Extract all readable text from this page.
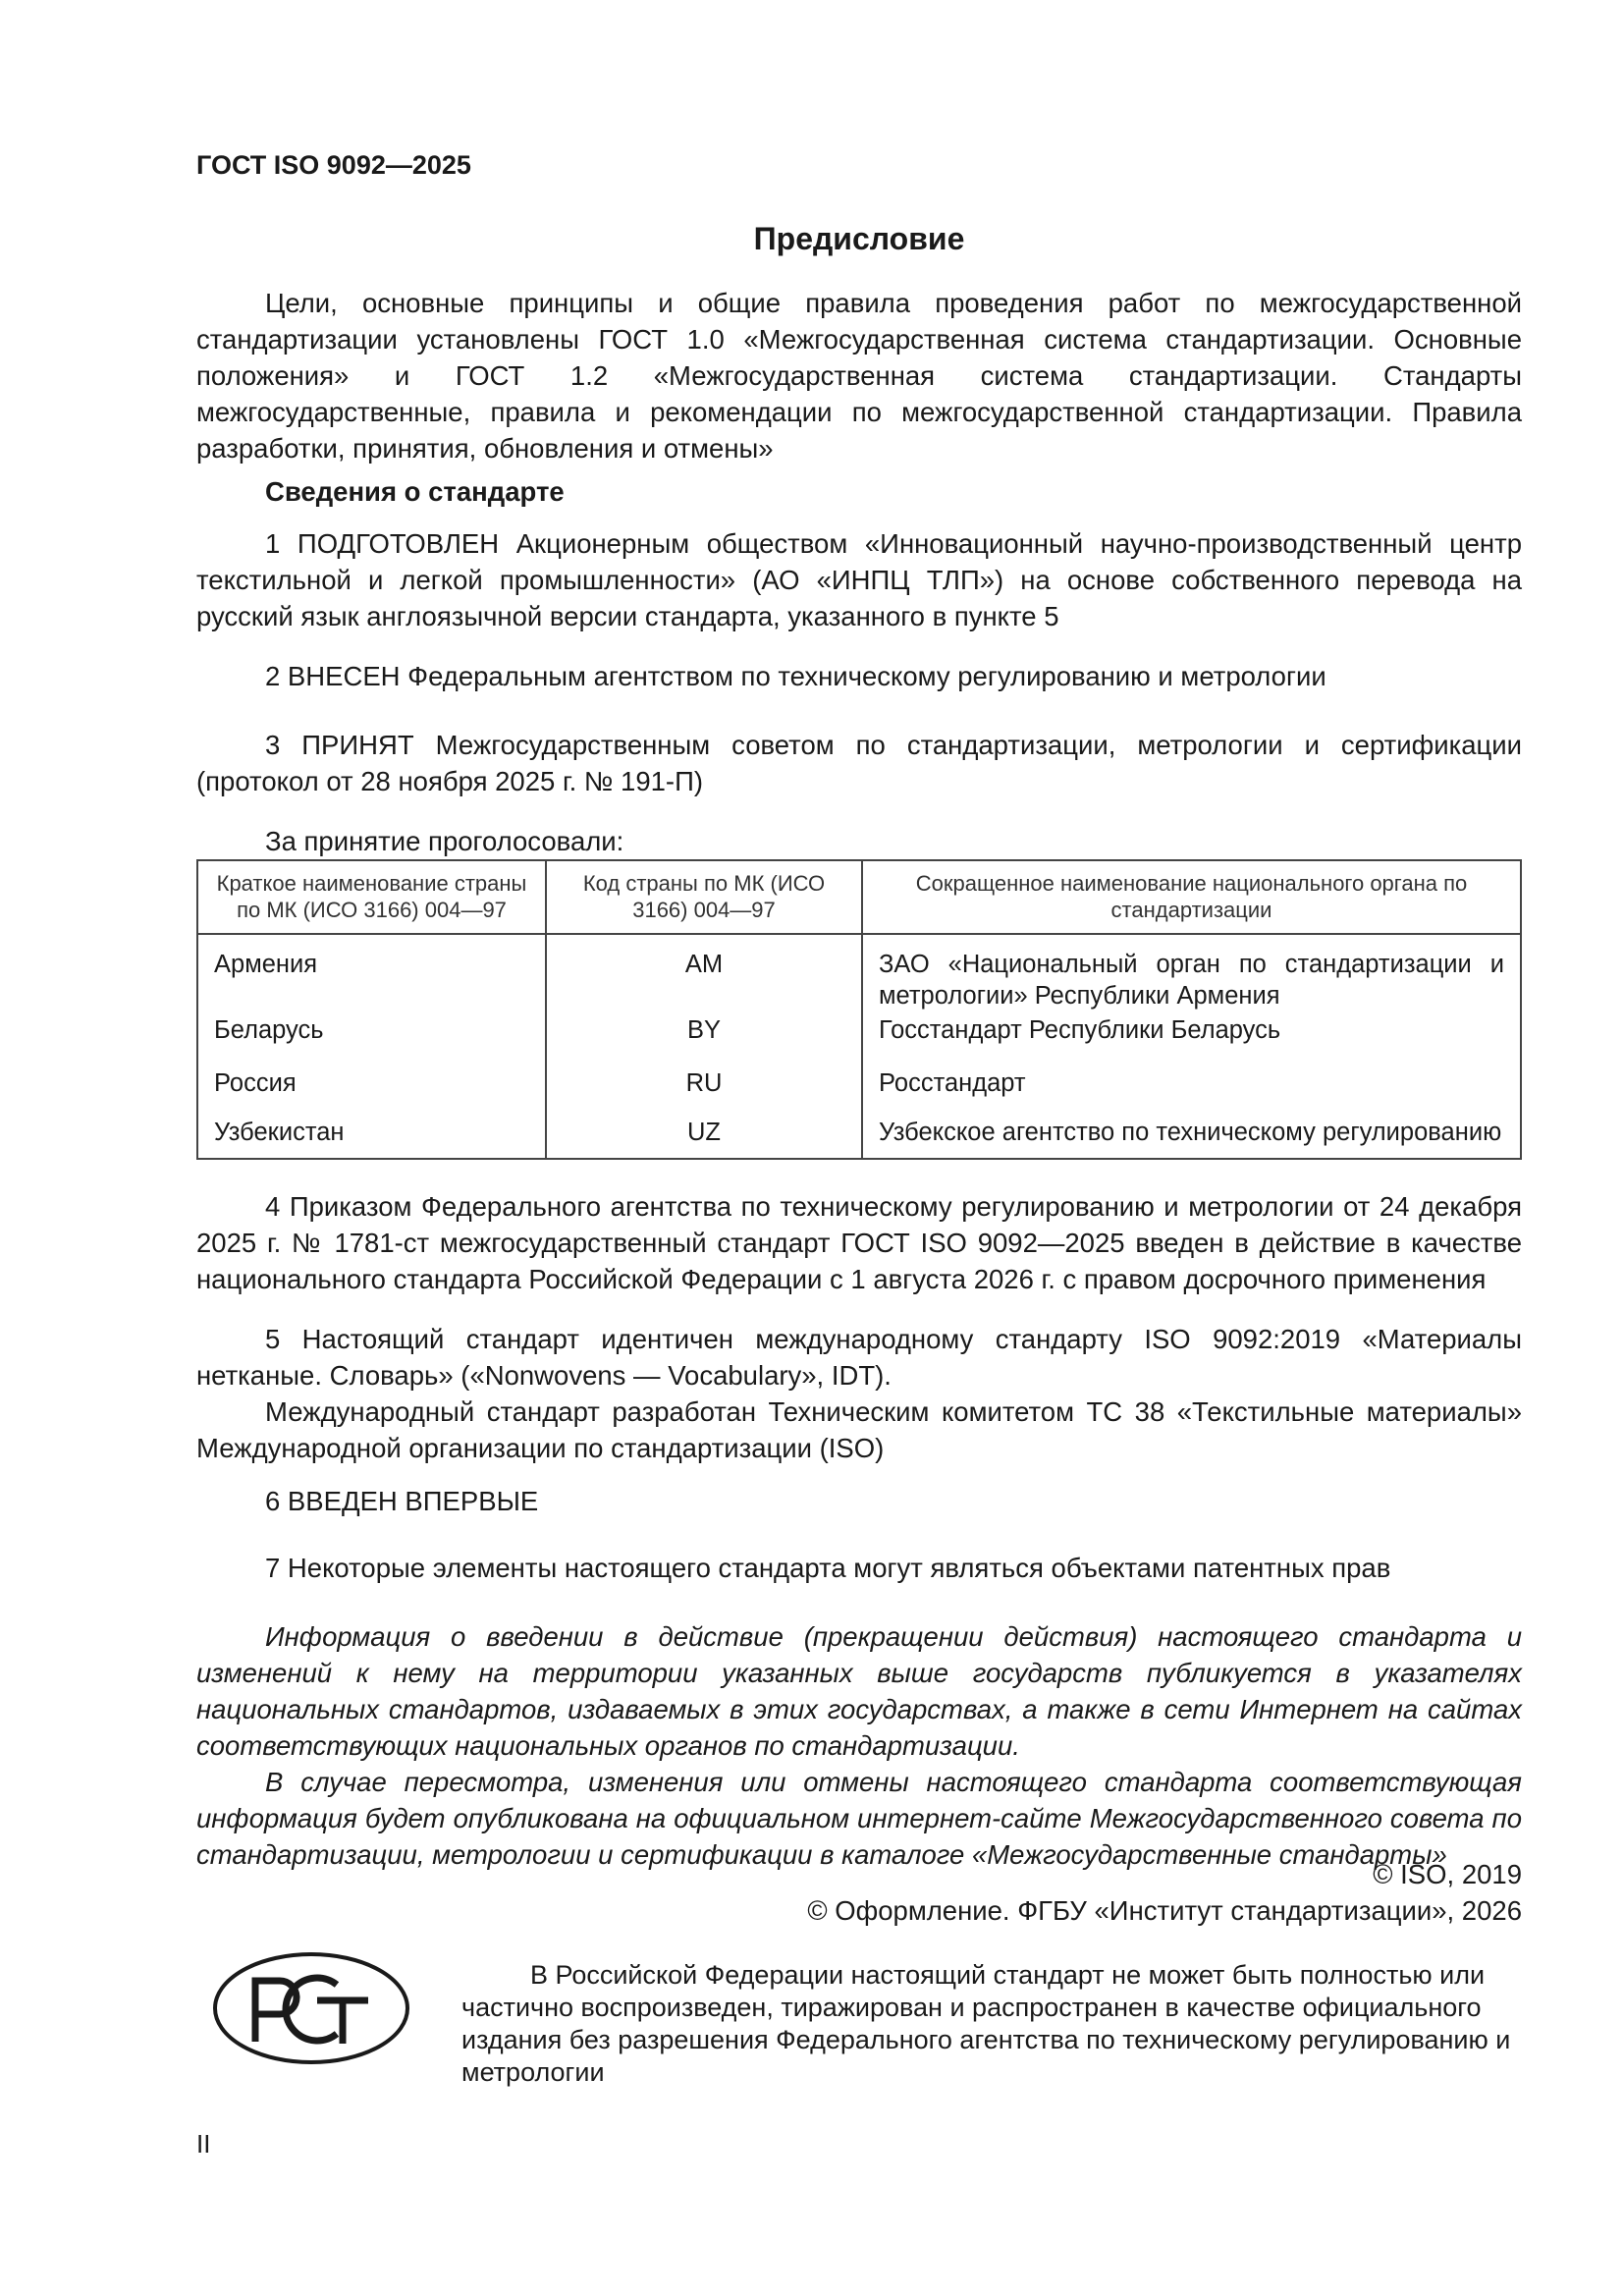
ГОСТ ISO 9092—2025
Предисловие

Цели, основные принципы и общие правила проведения работ по межгосударственной стандартизации установлены ГОСТ 1.0 «Межгосударственная система стандартизации. Основные положения» и ГОСТ 1.2 «Межгосударственная система стандартизации. Стандарты межгосударственные, правила и рекомендации по межгосударственной стандартизации. Правила разработки, принятия, обновления и отмены»

Сведения о стандарте

1 ПОДГОТОВЛЕН Акционерным обществом «Инновационный научно-производственный центр текстильной и легкой промышленности» (АО «ИНПЦ ТЛП») на основе собственного перевода на русский язык англоязычной версии стандарта, указанного в пункте 5

2 ВНЕСЕН Федеральным агентством по техническому регулированию и метрологии

3 ПРИНЯТ Межгосударственным советом по стандартизации, метрологии и сертификации (протокол от 28 ноября 2025 г. № 191-П)

За принятие проголосовали:

Краткое наименование страны по МК (ИСО 3166) 004—97	Код страны по МК (ИСО 3166) 004—97	Сокращенное наименование национального органа по стандартизации
Армения	AM	ЗАО «Национальный орган по стандартизации и метрологии» Республики Армения
Беларусь	BY	Госстандарт Республики Беларусь
Россия	RU	Росстандарт
Узбекистан	UZ	Узбекское агентство по техническому регулированию

4 Приказом Федерального агентства по техническому регулированию и метрологии от 24 декабря 2025 г. № 1781-ст межгосударственный стандарт ГОСТ ISO 9092—2025 введен в действие в качестве национального стандарта Российской Федерации с 1 августа 2026 г. с правом досрочного применения

5 Настоящий стандарт идентичен международному стандарту ISO 9092:2019 «Материалы нетканые. Словарь» («Nonwovens — Vocabulary», IDT).

Международный стандарт разработан Техническим комитетом ТС 38 «Текстильные материалы» Международной организации по стандартизации (ISO)

6 ВВЕДЕН ВПЕРВЫЕ

7 Некоторые элементы настоящего стандарта могут являться объектами патентных прав

Информация о введении в действие (прекращении действия) настоящего стандарта и изменений к нему на территории указанных выше государств публикуется в указателях национальных стандартов, издаваемых в этих государствах, а также в сети Интернет на сайтах соответствующих национальных органов по стандартизации.

В случае пересмотра, изменения или отмены настоящего стандарта соответствующая информация будет опубликована на официальном интернет-сайте Межгосударственного совета по стандартизации, метрологии и сертификации в каталоге «Межгосударственные стандарты»

© ISO, 2019

© Оформление. ФГБУ «Институт стандартизации», 2026

В Российской Федерации настоящий стандарт не может быть полностью или частично воспроизведен, тиражирован и распространен в качестве официального издания без разрешения Федерального агентства по техническому регулированию и метрологии

II
